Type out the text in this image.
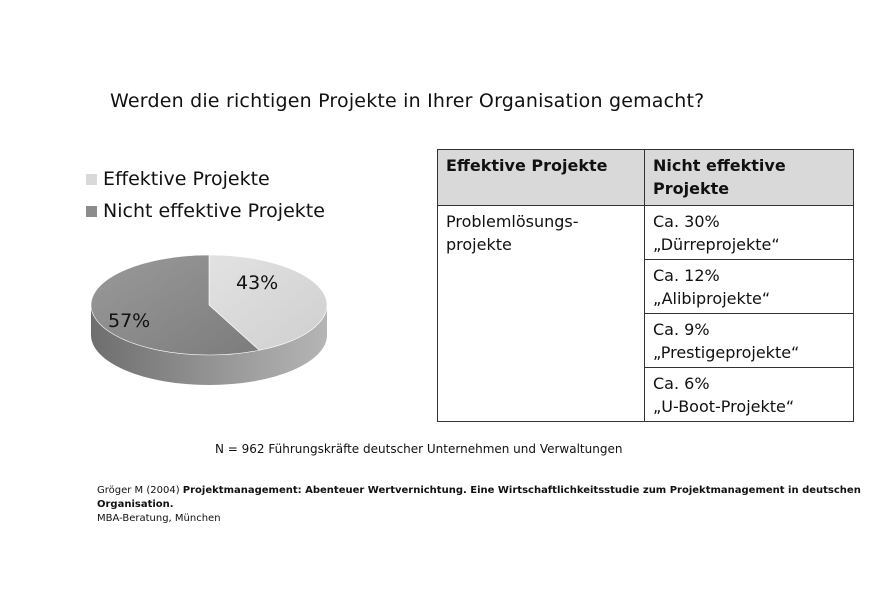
Werden die richtigen Projekte in Ihrer Organisation gemacht?
Effektive Projekte
Nicht effektive Projekte
43%
57%
Effektive Projekte	Nicht effektive Projekte
Problemlösungs-projekte	Ca. 30%
„Dürreprojekte“
	Ca. 12%
„Alibiprojekte“
	Ca. 9%
„Prestigeprojekte“
	Ca. 6%
„U-Boot-Projekte“
N = 962 Führungskräfte deutscher Unternehmen und Verwaltungen
Gröger M (2004) Projektmanagement: Abenteuer Wertvernichtung. Eine Wirtschaftlichkeitsstudie zum Projektmanagement in deutschen Organisation.
MBA-Beratung, München
